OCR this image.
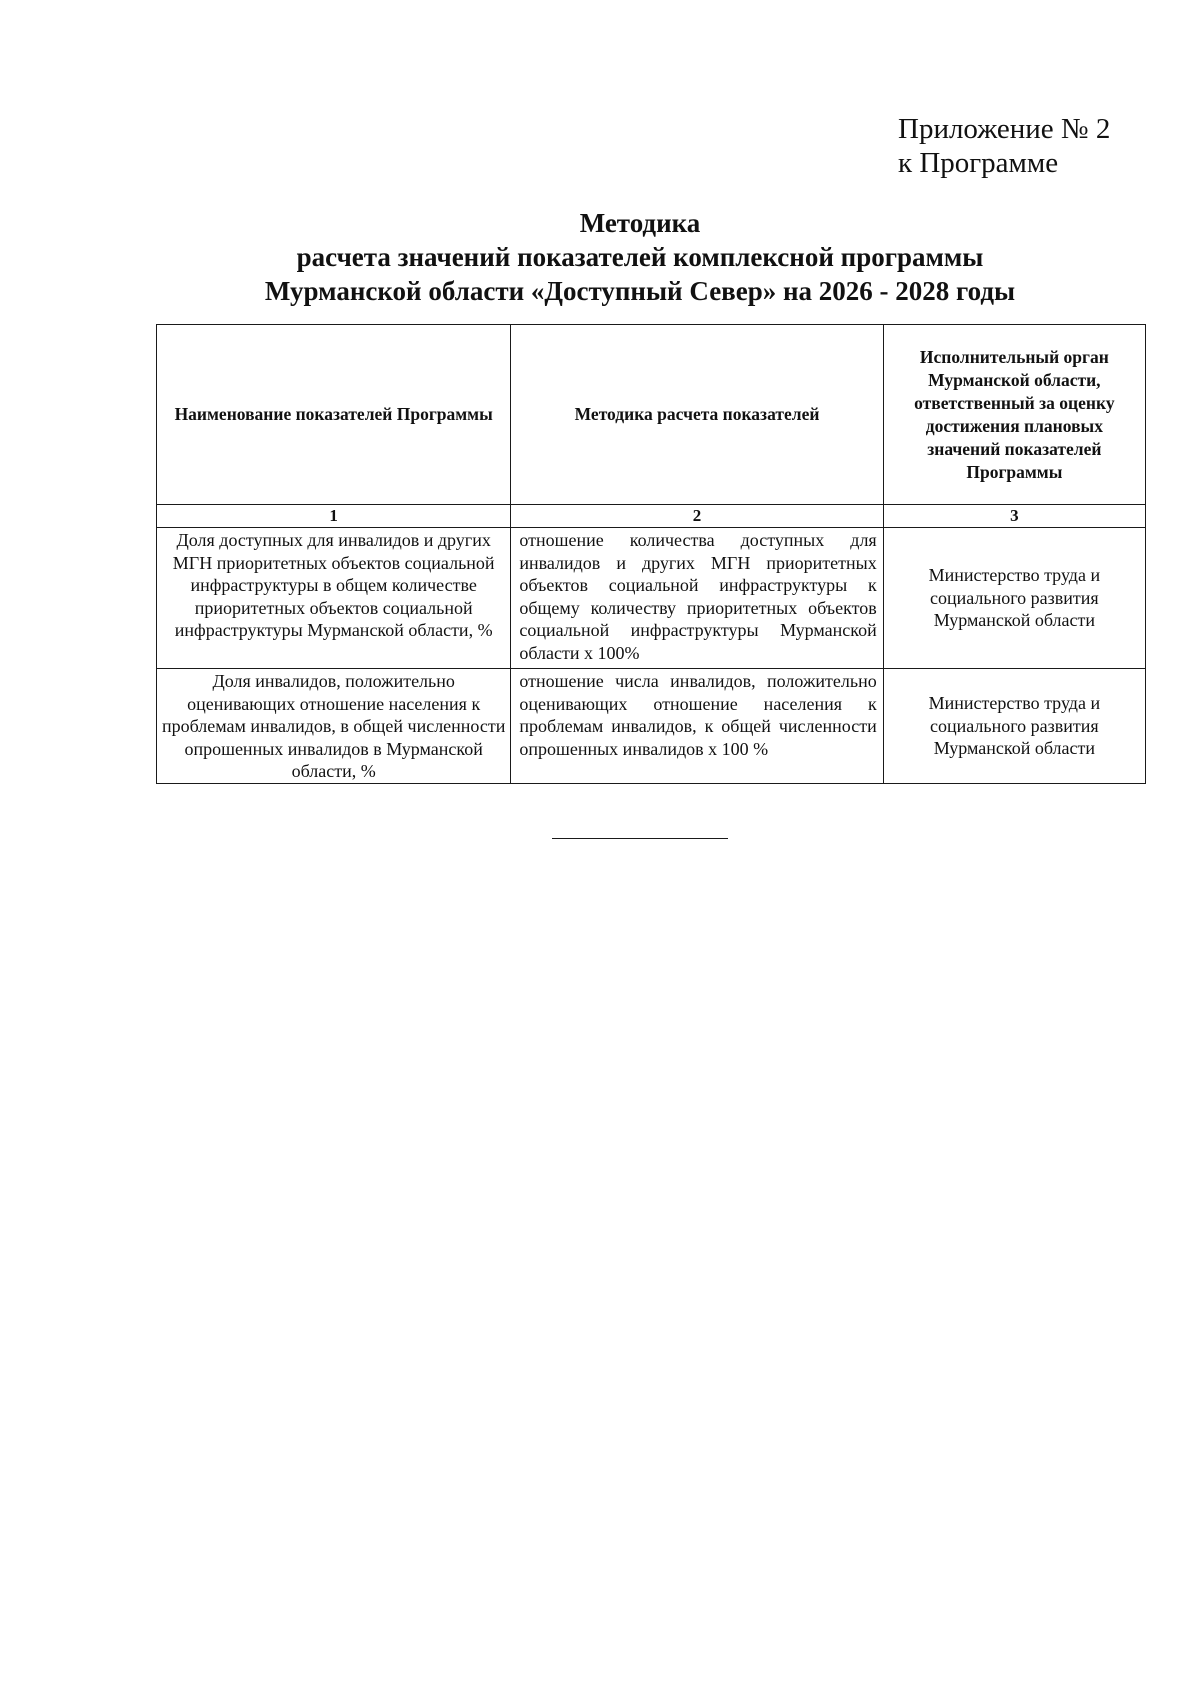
Приложение № 2
к Программе
Методика
расчета значений показателей комплексной программы
Мурманской области «Доступный Север» на 2026 - 2028 годы
Наименование показателей Программы	Методика расчета показателей	Исполнительный орган Мурманской области, ответственный за оценку достижения плановых значений показателей Программы

1	2	3

Доля доступных для инвалидов и других МГН приоритетных объектов социальной инфраструктуры в общем количестве приоритетных объектов социальной инфраструктуры Мурманской области, %	отношение количества доступных для инвалидов и других МГН приоритетных объектов социальной инфраструктуры к общему количеству приоритетных объектов социальной инфраструктуры Мурманской области x 100%	Министерство труда и социального развития Мурманской области

Доля инвалидов, положительно оценивающих отношение населения к проблемам инвалидов, в общей численности опрошенных инвалидов в Мурманской области, %	отношение числа инвалидов, положительно оценивающих отношение населения к проблемам инвалидов, к общей численности опрошенных инвалидов x 100 %	Министерство труда и социального развития Мурманской области
